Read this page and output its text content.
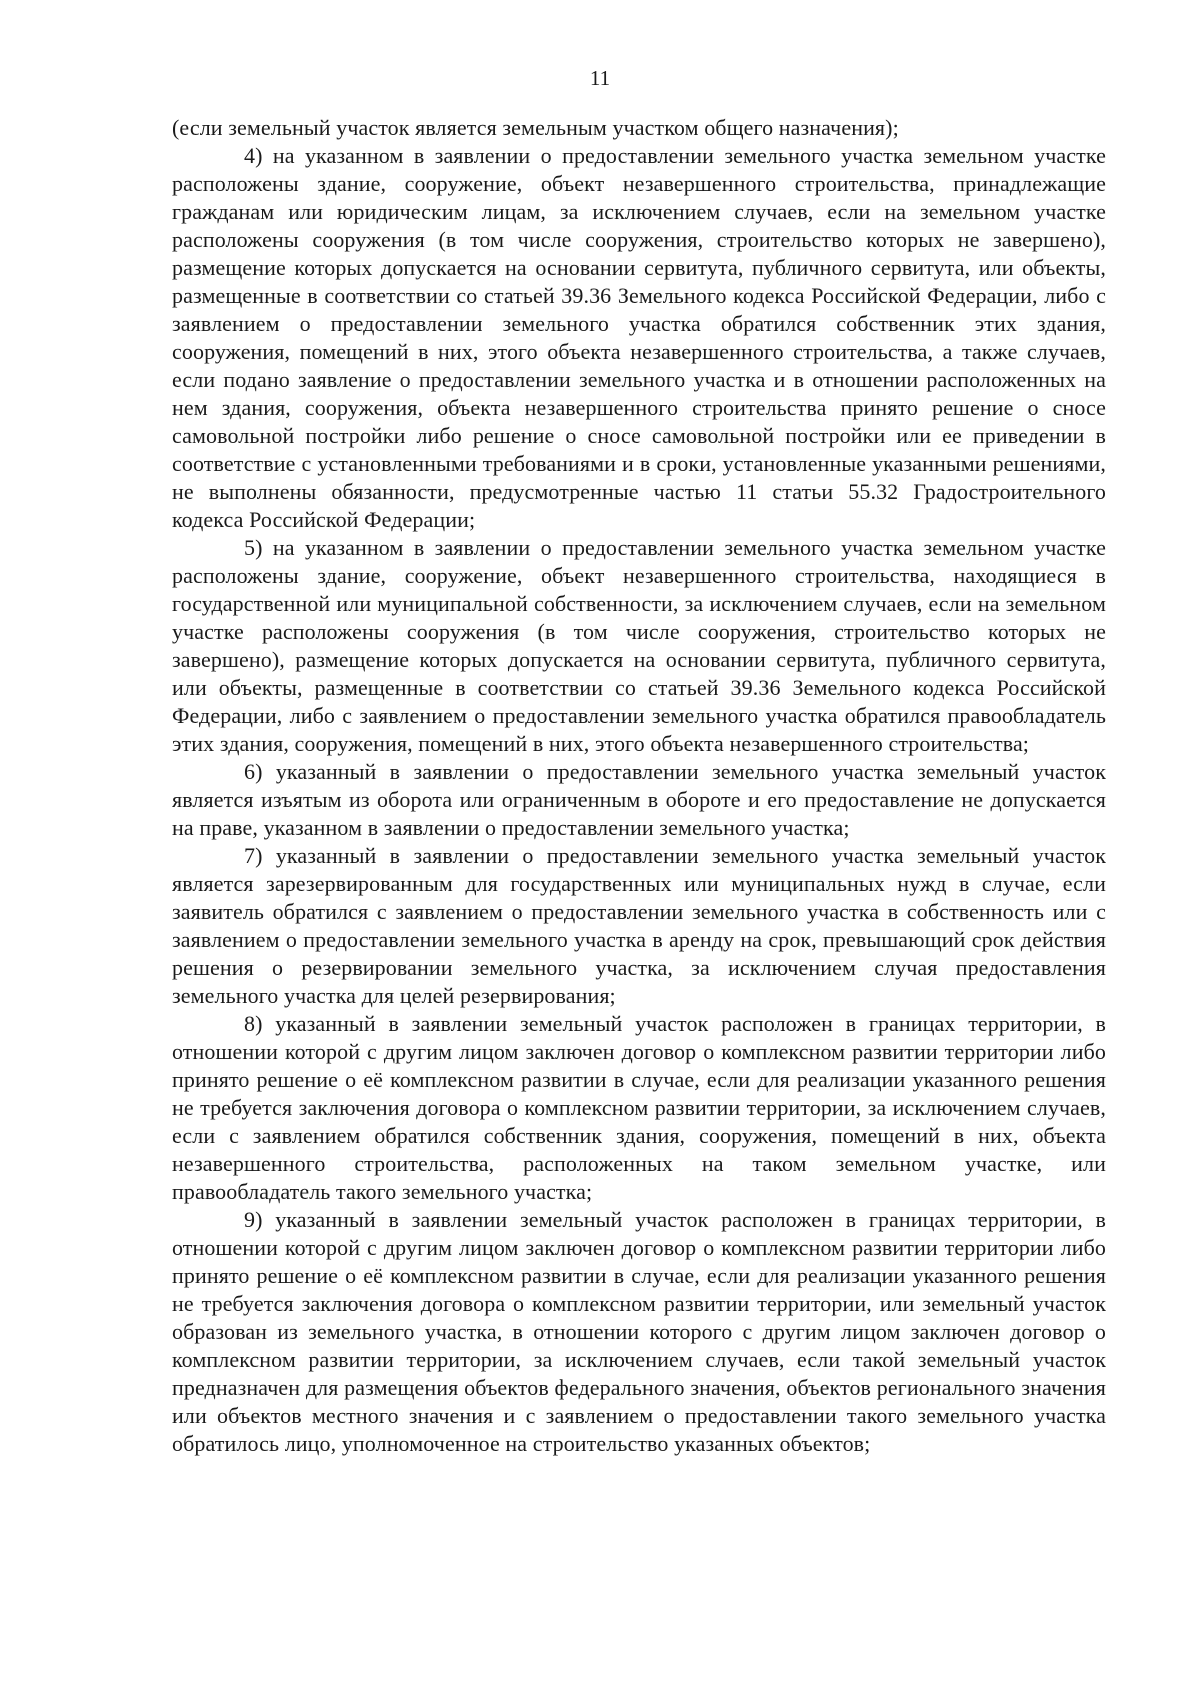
11

(если земельный участок является земельным участком общего назначения);

4) на указанном в заявлении о предоставлении земельного участка земельном участке расположены здание, сооружение, объект незавершенного строительства, принадлежащие гражданам или юридическим лицам, за исключением случаев, если на земельном участке расположены сооружения (в том числе сооружения, строительство которых не завершено), размещение которых допускается на основании сервитута, публичного сервитута, или объекты, размещенные в соответствии со статьей 39.36 Земельного кодекса Российской Федерации, либо с заявлением о предоставлении земельного участка обратился собственник этих здания, сооружения, помещений в них, этого объекта незавершенного строительства, а также случаев, если подано заявление о предоставлении земельного участка и в отношении расположенных на нем здания, сооружения, объекта незавершенного строительства принято решение о сносе самовольной постройки либо решение о сносе самовольной постройки или ее приведении в соответствие с установленными требованиями и в сроки, установленные указанными решениями, не выполнены обязанности, предусмотренные частью 11 статьи 55.32 Градостроительного кодекса Российской Федерации;

5) на указанном в заявлении о предоставлении земельного участка земельном участке расположены здание, сооружение, объект незавершенного строительства, находящиеся в государственной или муниципальной собственности, за исключением случаев, если на земельном участке расположены сооружения (в том числе сооружения, строительство которых не завершено), размещение которых допускается на основании сервитута, публичного сервитута, или объекты, размещенные в соответствии со статьей 39.36 Земельного кодекса Российской Федерации, либо с заявлением о предоставлении земельного участка обратился правообладатель этих здания, сооружения, помещений в них, этого объекта незавершенного строительства;

6) указанный в заявлении о предоставлении земельного участка земельный участок является изъятым из оборота или ограниченным в обороте и его предоставление не допускается на праве, указанном в заявлении о предоставлении земельного участка;

7) указанный в заявлении о предоставлении земельного участка земельный участок является зарезервированным для государственных или муниципальных нужд в случае, если заявитель обратился с заявлением о предоставлении земельного участка в собственность или с заявлением о предоставлении земельного участка в аренду на срок, превышающий срок действия решения о резервировании земельного участка, за исключением случая предоставления земельного участка для целей резервирования;

8) указанный в заявлении земельный участок расположен в границах территории, в отношении которой с другим лицом заключен договор о комплексном развитии территории либо принято решение о её комплексном развитии в случае, если для реализации указанного решения не требуется заключения договора о комплексном развитии территории, за исключением случаев, если с заявлением обратился собственник здания, сооружения, помещений в них, объекта незавершенного строительства, расположенных на таком земельном участке, или правообладатель такого земельного участка;

9) указанный в заявлении земельный участок расположен в границах территории, в отношении которой с другим лицом заключен договор о комплексном развитии территории либо принято решение о её комплексном развитии в случае, если для реализации указанного решения не требуется заключения договора о комплексном развитии территории, или земельный участок образован из земельного участка, в отношении которого с другим лицом заключен договор о комплексном развитии территории, за исключением случаев, если такой земельный участок предназначен для размещения объектов федерального значения, объектов регионального значения или объектов местного значения и с заявлением о предоставлении такого земельного участка обратилось лицо, уполномоченное на строительство указанных объектов;
